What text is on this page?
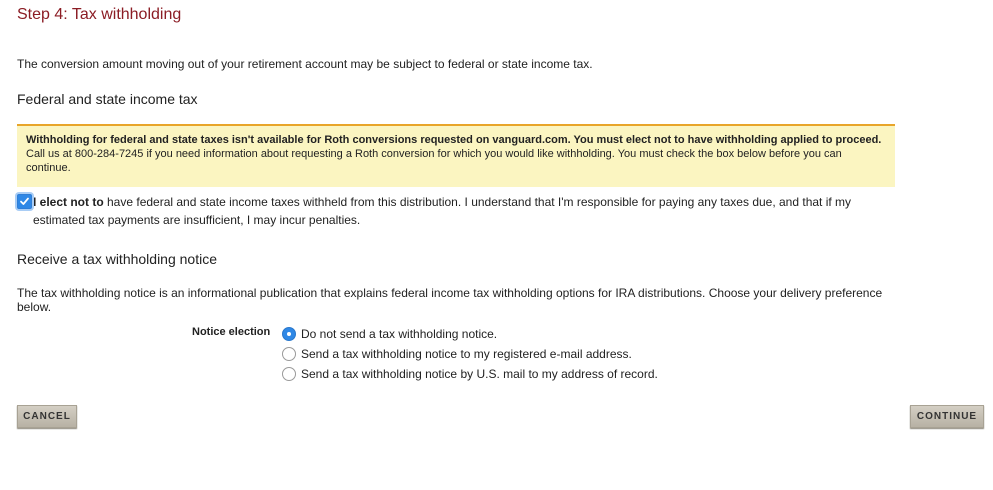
Step 4: Tax withholding
The conversion amount moving out of your retirement account may be subject to federal or state income tax.
Federal and state income tax
Withholding for federal and state taxes isn't available for Roth conversions requested on vanguard.com. You must elect not to have withholding applied to proceed. Call us at 800-284-7245 if you need information about requesting a Roth conversion for which you would like withholding. You must check the box below before you can continue.
I elect not to have federal and state income taxes withheld from this distribution. I understand that I'm responsible for paying any taxes due, and that if my
estimated tax payments are insufficient, I may incur penalties.
Receive a tax withholding notice
The tax withholding notice is an informational publication that explains federal income tax withholding options for IRA distributions. Choose your delivery preference below.
Notice election	Do not send a tax withholding notice.
Send a tax withholding notice to my registered e-mail address.
Send a tax withholding notice by U.S. mail to my address of record.
CANCEL	CONTINUE
